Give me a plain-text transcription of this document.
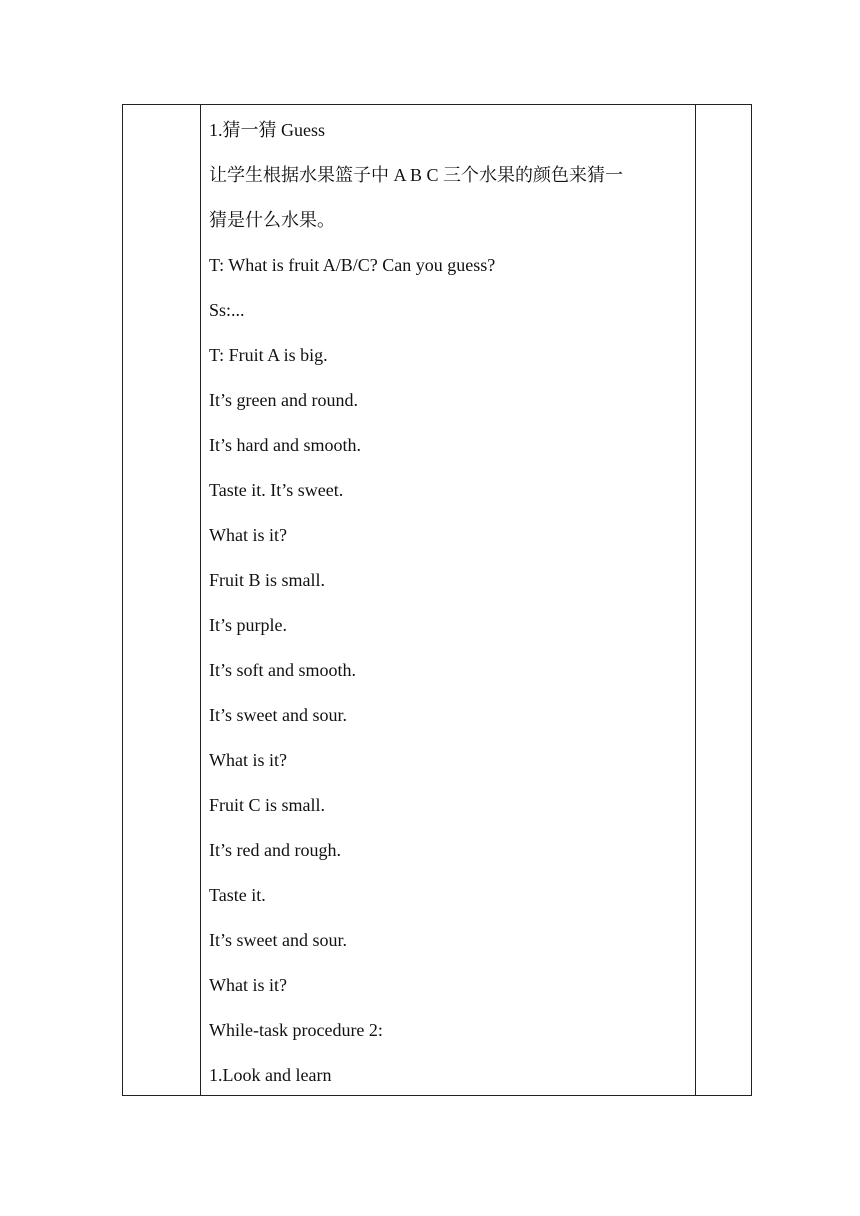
1.猜一猜 Guess
让学生根据水果篮子中 A B C 三个水果的颜色来猜一
猜是什么水果。
T: What is fruit A/B/C? Can you guess?
Ss:...
T: Fruit A is big.
It’s green and round.
It’s hard and smooth.
Taste it. It’s sweet.
What is it?
Fruit B is small.
It’s purple.
It’s soft and smooth.
It’s sweet and sour.
What is it?
Fruit C is small.
It’s red and rough.
Taste it.
It’s sweet and sour.
What is it?
While-task procedure 2:
1.Look and learn
